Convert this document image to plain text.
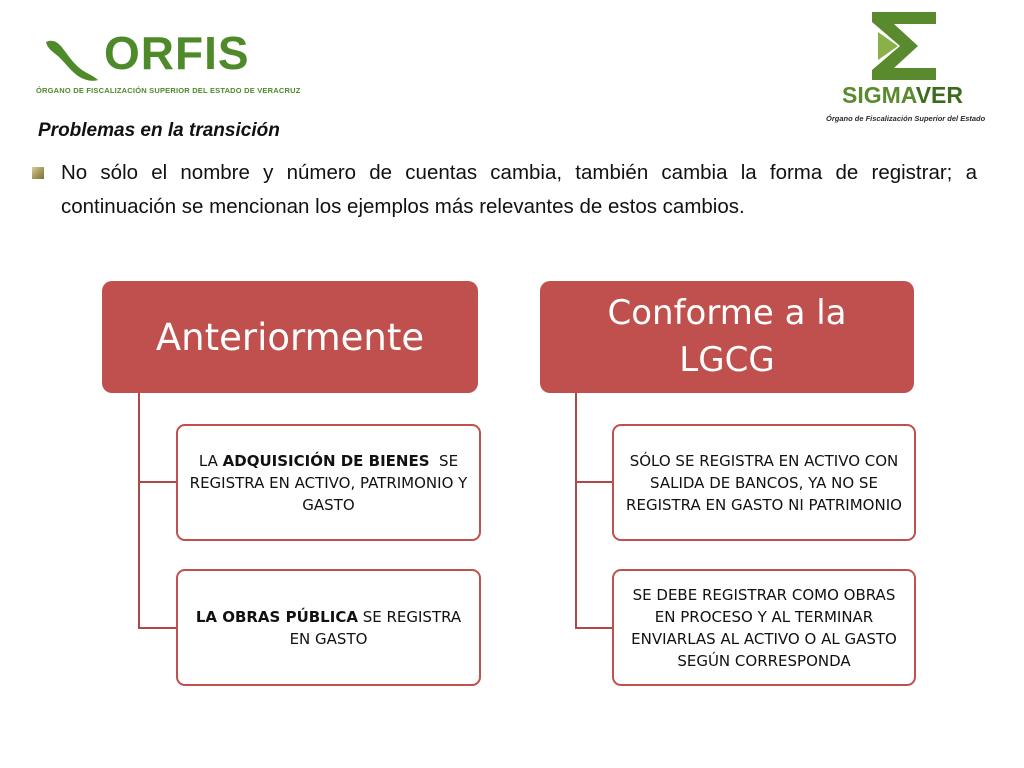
ORFIS
ÓRGANO DE FISCALIZACIÓN SUPERIOR DEL ESTADO DE VERACRUZ	SIGMAVER
Órgano de Fiscalización Superior del Estado
Problemas en la transición
No sólo el nombre y número de cuentas cambia, también cambia la forma de registrar; a continuación se mencionan los ejemplos más relevantes de estos cambios.
Anteriormente
Conforme a la LGCG
LA ADQUISICIÓN DE BIENES  SE REGISTRA EN ACTIVO, PATRIMONIO Y GASTO
LA OBRAS PÚBLICA SE REGISTRA EN GASTO
SÓLO SE REGISTRA EN ACTIVO CON SALIDA DE BANCOS, YA NO SE REGISTRA EN GASTO NI PATRIMONIO
SE DEBE REGISTRAR COMO OBRAS EN PROCESO Y AL TERMINAR ENVIARLAS AL ACTIVO O AL GASTO SEGÚN CORRESPONDA
